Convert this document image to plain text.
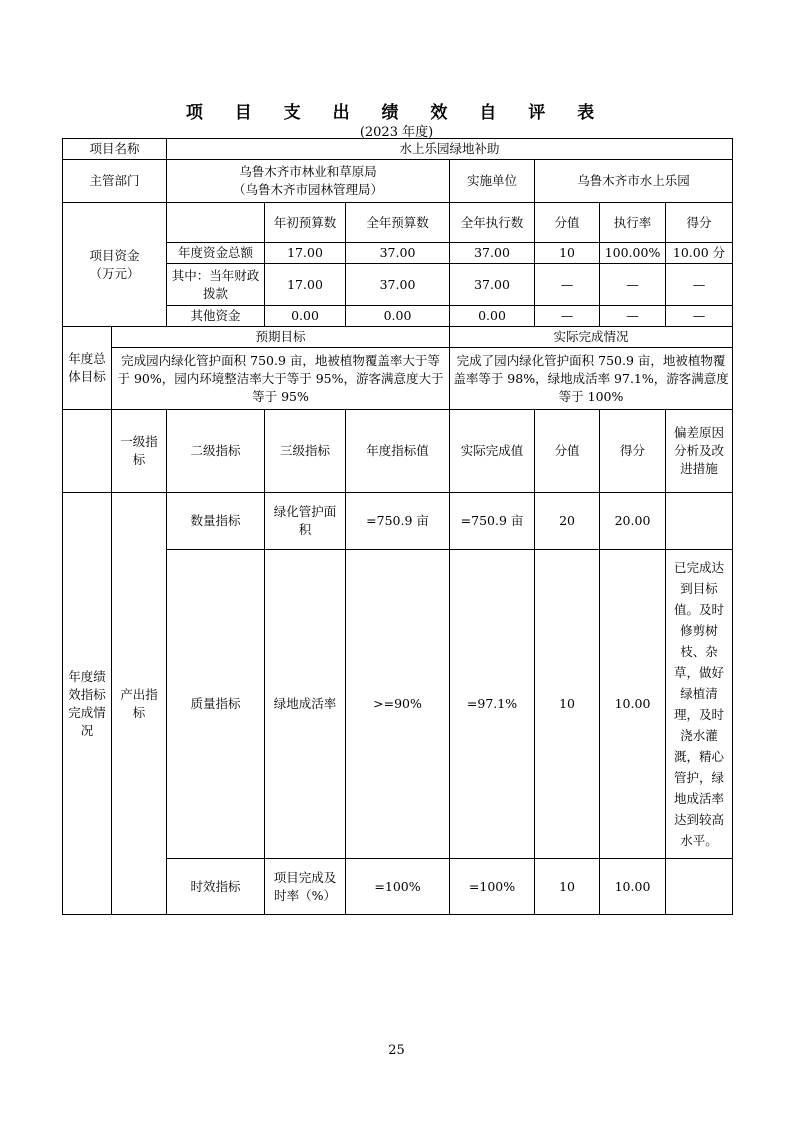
项 目 支 出 绩 效 自 评 表
(2023 年度)
项目名称		水上乐园绿地补助						
主管部门		乌鲁木齐市林业和草原局
（乌鲁木齐市园林管理局）			实施单位	乌鲁木齐市水上乐园		
项目资金
（万元）			年初预算数	全年预算数	全年执行数	分值	执行率	得分
		年度资金总额	17.00	37.00	37.00	10	100.00%	10.00 分
		其中：当年财政拨款	17.00	37.00	37.00	—	—	—
		其他资金	0.00	0.00	0.00	—	—	—
年度总体目标	预期目标				实际完成情况			
	完成园内绿化管护面积 750.9 亩，地被植物覆盖率大于等于 90%，园内环境整洁率大于等于 95%，游客满意度大于等于 95%				完成了园内绿化管护面积 750.9 亩，地被植物覆盖率等于 98%，绿地成活率 97.1%，游客满意度等于 100%			
	一级指标	二级指标	三级指标	年度指标值	实际完成值	分值	得分	偏差原因分析及改进措施
年度绩效指标完成情况	产出指标	数量指标	绿化管护面积	=750.9 亩	=750.9 亩	20	20.00	
		质量指标	绿地成活率	>=90%	=97.1%	10	10.00	已完成达到目标值。及时修剪树枝、杂草，做好绿植清理，及时浇水灌溉，精心管护，绿地成活率达到较高水平。
		时效指标	项目完成及时率（%）	=100%	=100%	10	10.00	
25
